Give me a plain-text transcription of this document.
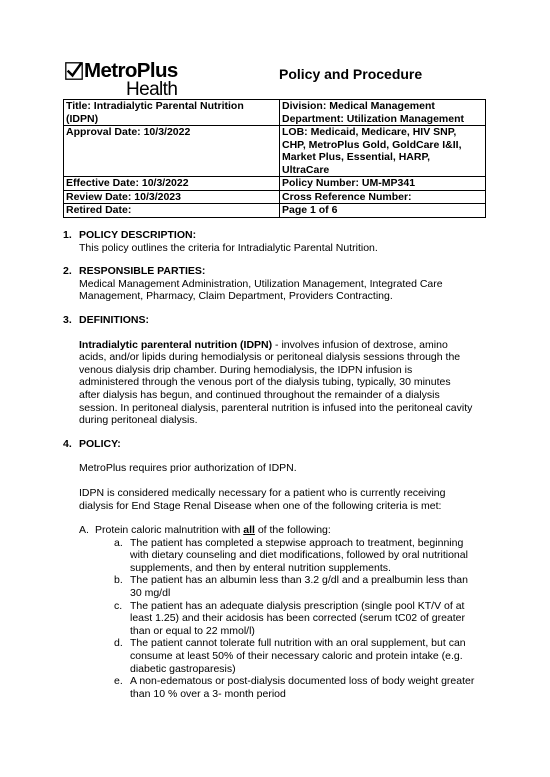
MetroPlus
Health
Policy and Procedure
Title: Intradialytic Parental Nutrition
(IDPN)	Division: Medical Management
Department: Utilization Management

Approval Date: 10/3/2022	LOB: Medicaid, Medicare, HIV SNP,
CHP, MetroPlus Gold, GoldCare I&II,
Market Plus, Essential, HARP,
UltraCare

Effective Date: 10/3/2022	Policy Number: UM-MP341
Review Date: 10/3/2023	Cross Reference Number:
Retired Date:	Page 1 of 6
1. POLICY DESCRIPTION:

This policy outlines the criteria for Intradialytic Parental Nutrition.

2. RESPONSIBLE PARTIES:

Medical Management Administration, Utilization Management, Integrated Care

Management, Pharmacy, Claim Department, Providers Contracting.

3. DEFINITIONS:

Intradialytic parenteral nutrition (IDPN) - involves infusion of dextrose, amino

acids, and/or lipids during hemodialysis or peritoneal dialysis sessions through the

venous dialysis drip chamber. During hemodialysis, the IDPN infusion is

administered through the venous port of the dialysis tubing, typically, 30 minutes

after dialysis has begun, and continued throughout the remainder of a dialysis

session. In peritoneal dialysis, parenteral nutrition is infused into the peritoneal cavity

during peritoneal dialysis.

4. POLICY:

MetroPlus requires prior authorization of IDPN.

IDPN is considered medically necessary for a patient who is currently receiving

dialysis for End Stage Renal Disease when one of the following criteria is met:

A. Protein caloric malnutrition with all of the following:

a. The patient has completed a stepwise approach to treatment, beginning

with dietary counseling and diet modifications, followed by oral nutritional

supplements, and then by enteral nutrition supplements.

b. The patient has an albumin less than 3.2 g/dl and a prealbumin less than

30 mg/dl

c. The patient has an adequate dialysis prescription (single pool KT/V of at

least 1.25) and their acidosis has been corrected (serum tC02 of greater

than or equal to 22 mmol/l)

d. The patient cannot tolerate full nutrition with an oral supplement, but can

consume at least 50% of their necessary caloric and protein intake (e.g.

diabetic gastroparesis)

e. A non-edematous or post-dialysis documented loss of body weight greater

than 10 % over a 3- month period
